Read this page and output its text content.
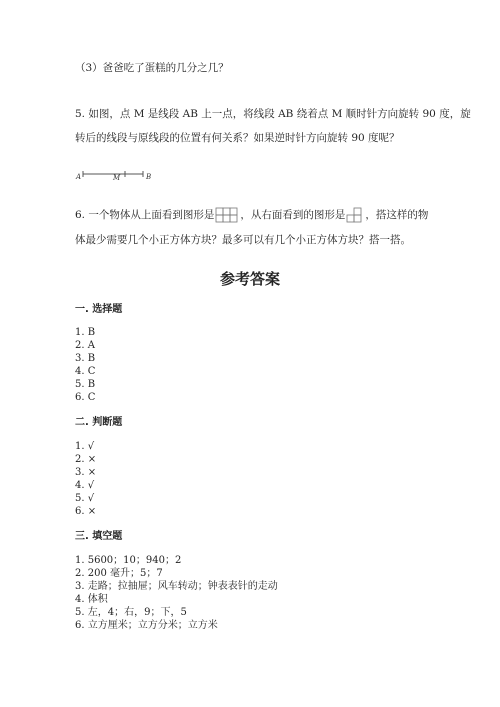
（3）爸爸吃了蛋糕的几分之几？
5. 如图，点 M 是线段 AB 上一点，将线段 AB 绕着点 M 顺时针方向旋转 90 度，旋
转后的线段与原线段的位置有何关系？如果逆时针方向旋转 90 度呢？
A	M	B
6. 一个物体从上面看到图形是 ，从右面看到的图形是 ，搭这样的物
体最少需要几个小正方体方块？最多可以有几个小正方体方块？搭一搭。
参考答案
一. 选择题
1. B
2. A
3. B
4. C
5. B
6. C
二. 判断题
1. √
2. ×
3. ×
4. √
5. √
6. ×
三. 填空题
1. 5600；10；940；2
2. 200 毫升；5；7
3. 走路；拉抽屉；风车转动；钟表表针的走动
4. 体积
5. 左，4；右，9；下，5
6. 立方厘米；立方分米；立方米
